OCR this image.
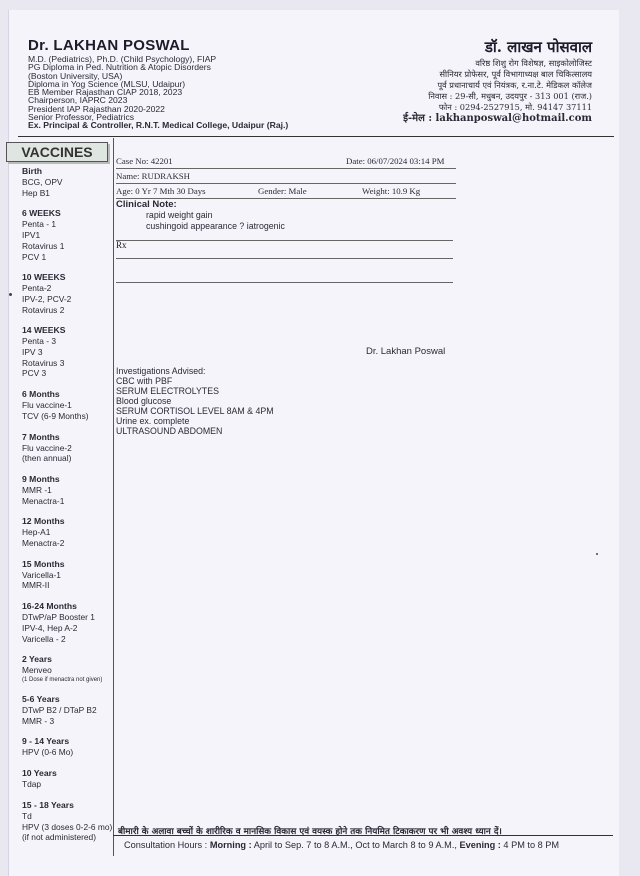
Dr. LAKHAN POSWAL
M.D. (Pediatrics), Ph.D. (Child Psychology), FIAP
PG Diploma in Ped. Nutrition & Atopic Disorders
(Boston University, USA)
Diploma in Yog Science (MLSU, Udaipur)
EB Member Rajasthan CIAP 2018, 2023
Chairperson, IAPRC 2023
President IAP Rajasthan 2020-2022
Senior Professor, Pediatrics
Ex. Principal & Controller, R.N.T. Medical College, Udaipur (Raj.)
डॉ. लाखन पोसवाल
वरिष्ठ शिशु रोग विशेषज्ञ, साइकोलोजिस्ट
सीनियर प्रोफेसर, पूर्व विभागाध्यक्ष बाल चिकित्सालय
पूर्व प्रधानाचार्य एवं नियंत्रक, र.ना.टे. मेडिकल कॉलेज
निवास : 29-सी, मधुबन, उदयपुर - 313 001 (राज.)
फोन : 0294-2527915, मो. 94147 37111
ई-मेल : lakhanposwal@hotmail.com
VACCINES
Birth
BCG, OPV
Hep B1
6 WEEKS
Penta - 1
IPV1
Rotavirus 1
PCV 1
10 WEEKS
Penta-2
IPV-2, PCV-2
Rotavirus 2
14 WEEKS
Penta - 3
IPV 3
Rotavirus 3
PCV 3
6 Months
Flu vaccine-1
TCV (6-9 Months)
7 Months
Flu vaccine-2
(then annual)
9 Months
MMR -1
Menactra-1
12 Months
Hep-A1
Menactra-2
15 Months
Varicella-1
MMR-II
16-24 Months
DTwP/aP Booster 1
IPV-4, Hep A-2
Varicella - 2
2 Years
Menveo
(1 Dose if menactra not given)
5-6 Years
DTwP B2 / DTaP B2
MMR - 3
9 - 14 Years
HPV (0-6 Mo)
10 Years
Tdap
15 - 18 Years
Td
HPV (3 doses 0-2-6 mo)
(if not administered)
Case No: 42201	Date: 06/07/2024 03:14 PM
Name: RUDRAKSH
Age: 0 Yr 7 Mth 30 Days	Gender: Male	Weight: 10.9 Kg
Clinical Note:
rapid weight gain
cushingoid appearance ? iatrogenic
Rx
Dr. Lakhan Poswal
Investigations Advised:
CBC with PBF
SERUM ELECTROLYTES
Blood glucose
SERUM CORTISOL LEVEL 8AM & 4PM
Urine ex. complete
ULTRASOUND ABDOMEN
बीमारी के अलावा बच्चों के शारीरिक व मानसिक विकास एवं वयस्क होने तक नियमित टिकाकरण पर भी अवश्य ध्यान दें।
Consultation Hours : Morning : April to Sep. 7 to 8 A.M., Oct to March 8 to 9 A.M., Evening : 4 PM to 8 PM
